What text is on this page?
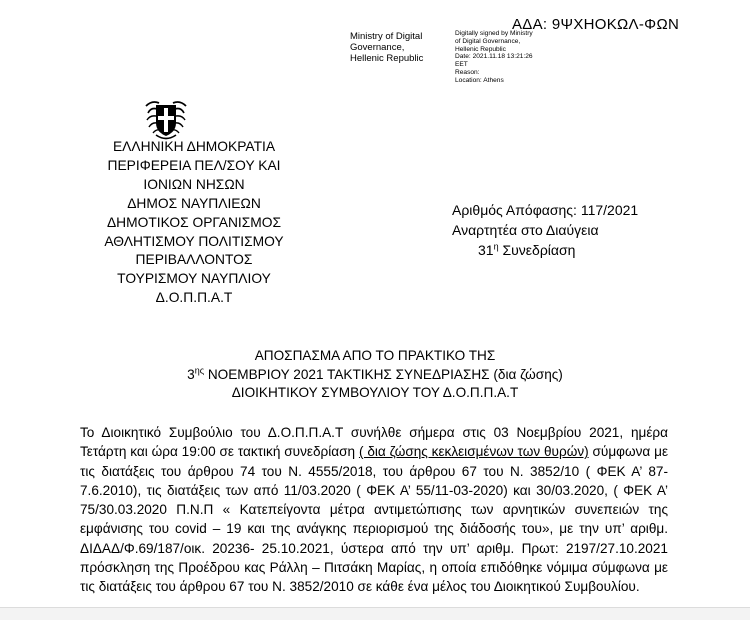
ΑΔΑ: 9ΨΧΗΟΚΩΛ-ΦΩΝ
Ministry of Digital
Governance,
Hellenic Republic
Digitally signed by Ministry
of Digital Governance,
Hellenic Republic
Date: 2021.11.18 13:21:26
EET
Reason:
Location: Athens
ΕΛΛΗΝΙΚΗ ΔΗΜΟΚΡΑΤΙΑ
ΠΕΡΙΦΕΡΕΙΑ ΠΕΛ/ΣΟΥ ΚΑΙ
ΙΟΝΙΩΝ ΝΗΣΩΝ
ΔΗΜΟΣ ΝΑΥΠΛΙΕΩΝ
ΔΗΜΟΤΙΚΟΣ ΟΡΓΑΝΙΣΜΟΣ
ΑΘΛΗΤΙΣΜΟΥ ΠΟΛΙΤΙΣΜΟΥ
ΠΕΡΙΒΑΛΛΟΝΤΟΣ
ΤΟΥΡΙΣΜΟΥ ΝΑΥΠΛΙΟΥ
Δ.Ο.Π.Π.Α.Τ
Αριθμός Απόφασης: 117/2021
Αναρτητέα στο Διαύγεια
$31^\eta$ Συνεδρίαση
ΑΠΟΣΠΑΣΜΑ ΑΠΟ ΤΟ ΠΡΑΚΤΙΚΟ ΤΗΣ
$3^{\eta\varsigma}$ ΝΟΕΜΒΡΙΟΥ 2021 ΤΑΚΤΙΚΗΣ ΣΥΝΕΔΡΙΑΣΗΣ (δια ζώσης)
ΔΙΟΙΚΗΤΙΚΟΥ ΣΥΜΒΟΥΛΙΟΥ ΤΟΥ Δ.Ο.Π.Π.Α.Τ
Το Διοικητικό Συμβούλιο του Δ.Ο.Π.Π.Α.Τ συνήλθε σήμερα στις 03 Νοεμβρίου 2021, ημέρα Τετάρτη και ώρα 19:00 σε τακτική συνεδρίαση ( δια ζώσης κεκλεισμένων των θυρών) σύμφωνα με τις διατάξεις του άρθρου 74 του Ν. 4555/2018, του άρθρου 67 του Ν. 3852/10 ( ΦΕΚ Α’ 87-7.6.2010), τις διατάξεις των από 11/03.2020 ( ΦΕΚ Α’ 55/11-03-2020) και 30/03.2020, ( ΦΕΚ Α’ 75/30.03.2020 Π.Ν.Π « Κατεπείγοντα μέτρα αντιμετώπισης των αρνητικών συνεπειών της εμφάνισης του covid – 19 και της ανάγκης περιορισμού της διάδοσής του», με την υπ’ αριθμ. ΔΙΔΑΔ/Φ.69/187/οικ. 20236- 25.10.2021, ύστερα από την υπ’ αριθμ. Πρωτ: 2197/27.10.2021 πρόσκληση της Προέδρου κας Ράλλη – Πιτσάκη Μαρίας, η οποία επιδόθηκε νόμιμα σύμφωνα με τις διατάξεις του άρθρου 67 του Ν. 3852/2010 σε κάθε ένα μέλος του Διοικητικού Συμβουλίου.
